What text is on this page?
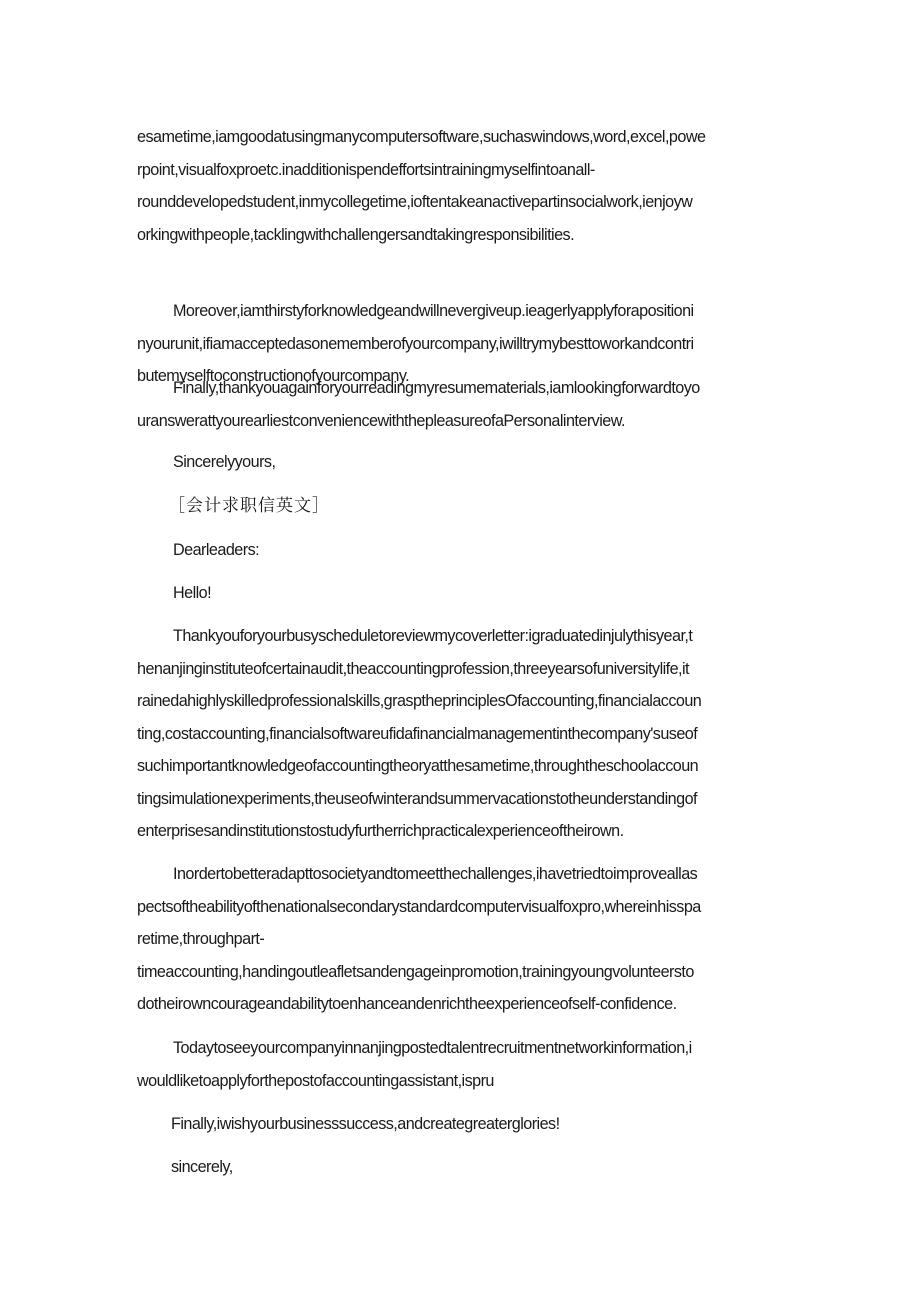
esametime,iamgoodatusingmanycomputersoftware,suchaswindows,word,excel,powe
rpoint,visualfoxproetc.inadditionispendeffortsintrainingmyselfintoanall-
rounddevelopedstudent,inmycollegetime,ioftentakeanactivepartinsocialwork,ienjoyw
orkingwithpeople,tacklingwithchallengersandtakingresponsibilities.
Moreover,iamthirstyforknowledgeandwillnevergiveup.ieagerlyapplyforapositioni
nyourunit,ifiamacceptedasonememberofyourcompany,iwilltrymybesttoworkandcontri
butemyselftoconstructionofyourcompany.
Finally,thankyouagainforyourreadingmyresumematerials,iamlookingforwardtoyo
uranswerattyourearliestconveniencewiththepleasureofaPersonalinterview.
Sincerelyyours,
［会计求职信英文］
Dearleaders:
Hello!
Thankyouforyourbusyscheduletoreviewmycoverletter:igraduatedinjulythisyear,t
henanjinginstituteofcertainaudit,theaccountingprofession,threeyearsofuniversitylife,it
rainedahighlyskilledprofessionalskills,grasptheprinciplesOfaccounting,financialaccoun
ting,costaccounting,financialsoftwareufidafinancialmanagementinthecompany'suseof
suchimportantknowledgeofaccountingtheoryatthesametime,throughtheschoolaccoun
tingsimulationexperiments,theuseofwinterandsummervacationstotheunderstandingof
enterprisesandinstitutionstostudyfurtherrichpracticalexperienceoftheirown.
Inordertobetteradapttosocietyandtomeetthechallenges,ihavetriedtoimproveallas
pectsoftheabilityofthenationalsecondarystandardcomputervisualfoxpro,whereinhisspa
retime,throughpart-
timeaccounting,handingoutleafletsandengageinpromotion,trainingyoungvolunteersto
dotheirowncourageandabilitytoenhanceandenrichtheexperienceofself-confidence.
Todaytoseeyourcompanyinnanjingpostedtalentrecruitmentnetworkinformation,i
wouldliketoapplyforthepostofaccountingassistant,ispru
Finally,iwishyourbusinesssuccess,andcreategreaterglories!
sincerely,
